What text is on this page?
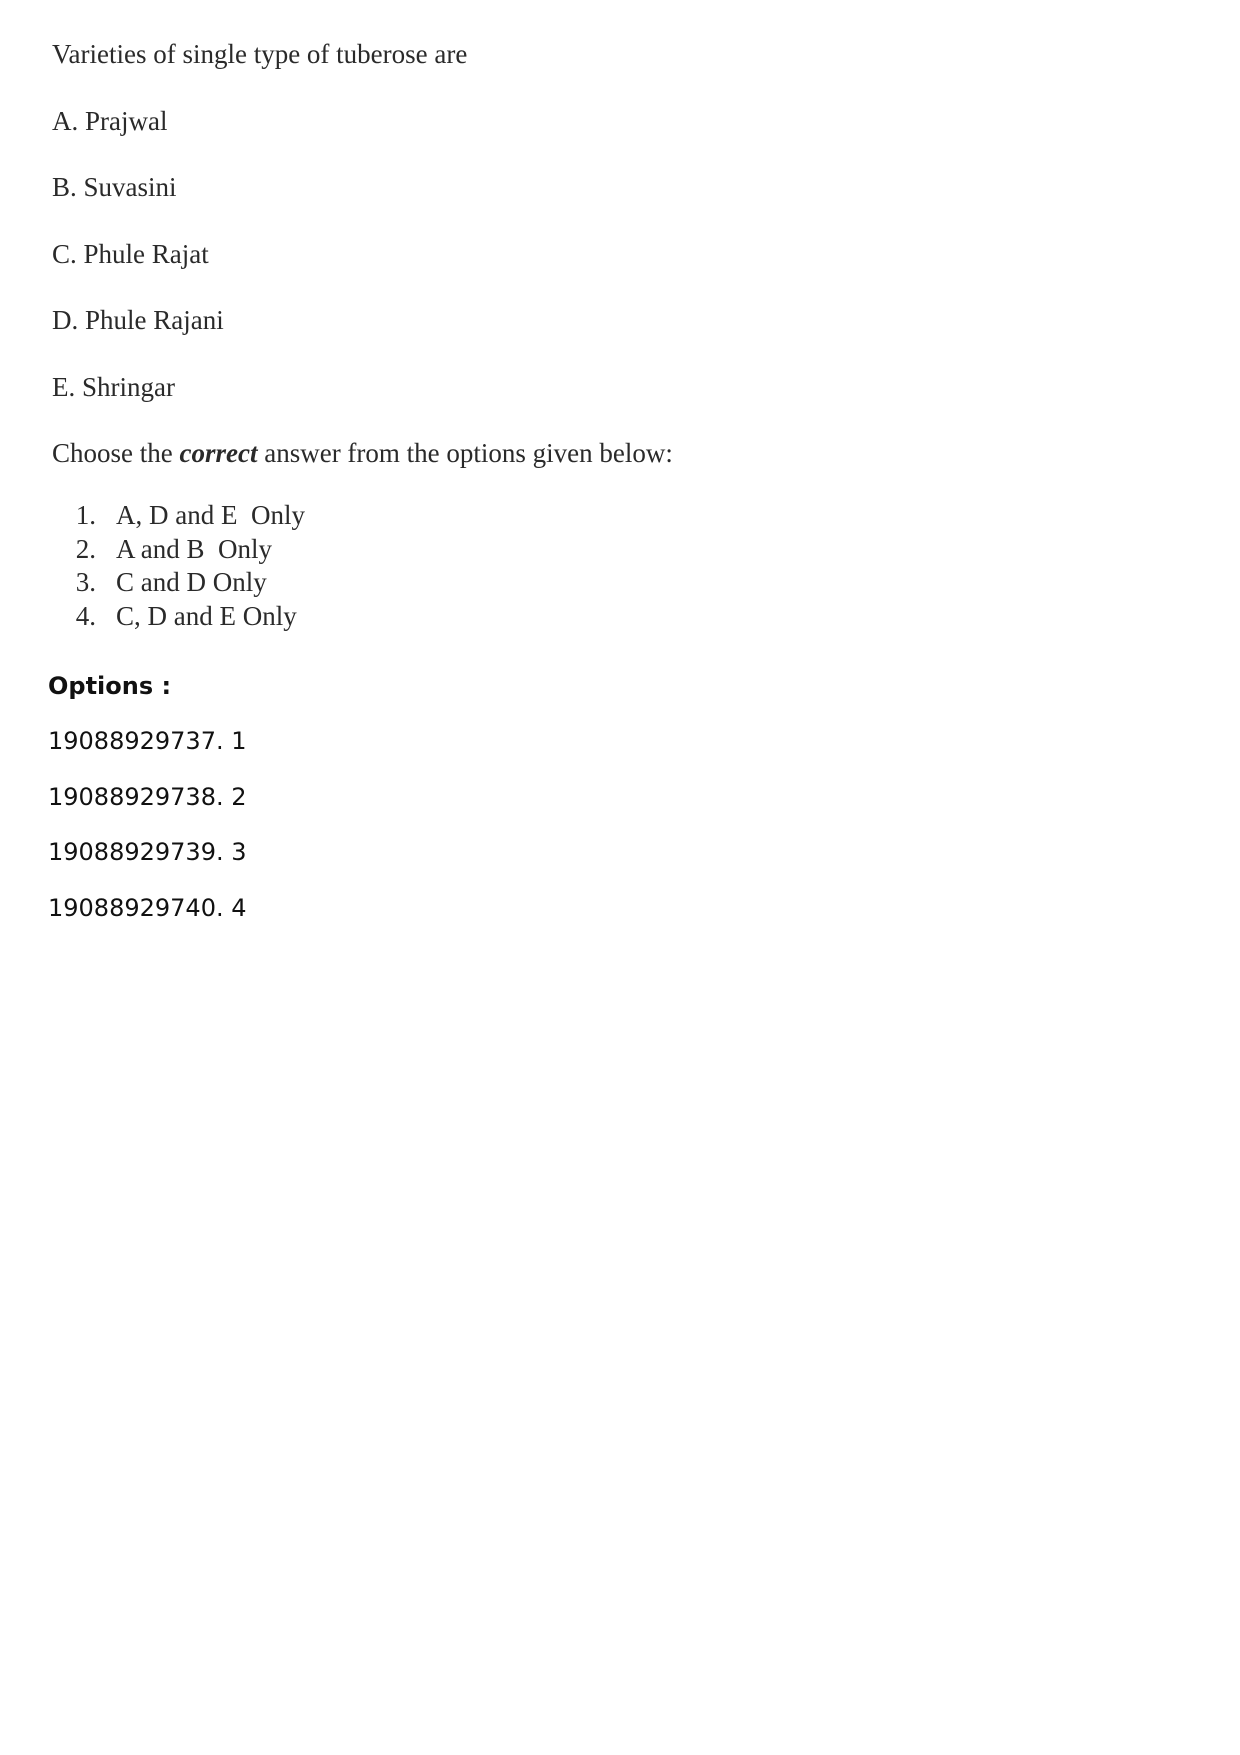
Varieties of single type of tuberose are

A. Prajwal

B. Suvasini

C. Phule Rajat

D. Phule Rajani

E. Shringar

Choose the correct answer from the options given below:

1. A, D and E  Only
2. A and B  Only
3. C and D Only
4. C, D and E Only

Options :

19088929737. 1

19088929738. 2

19088929739. 3

19088929740. 4
